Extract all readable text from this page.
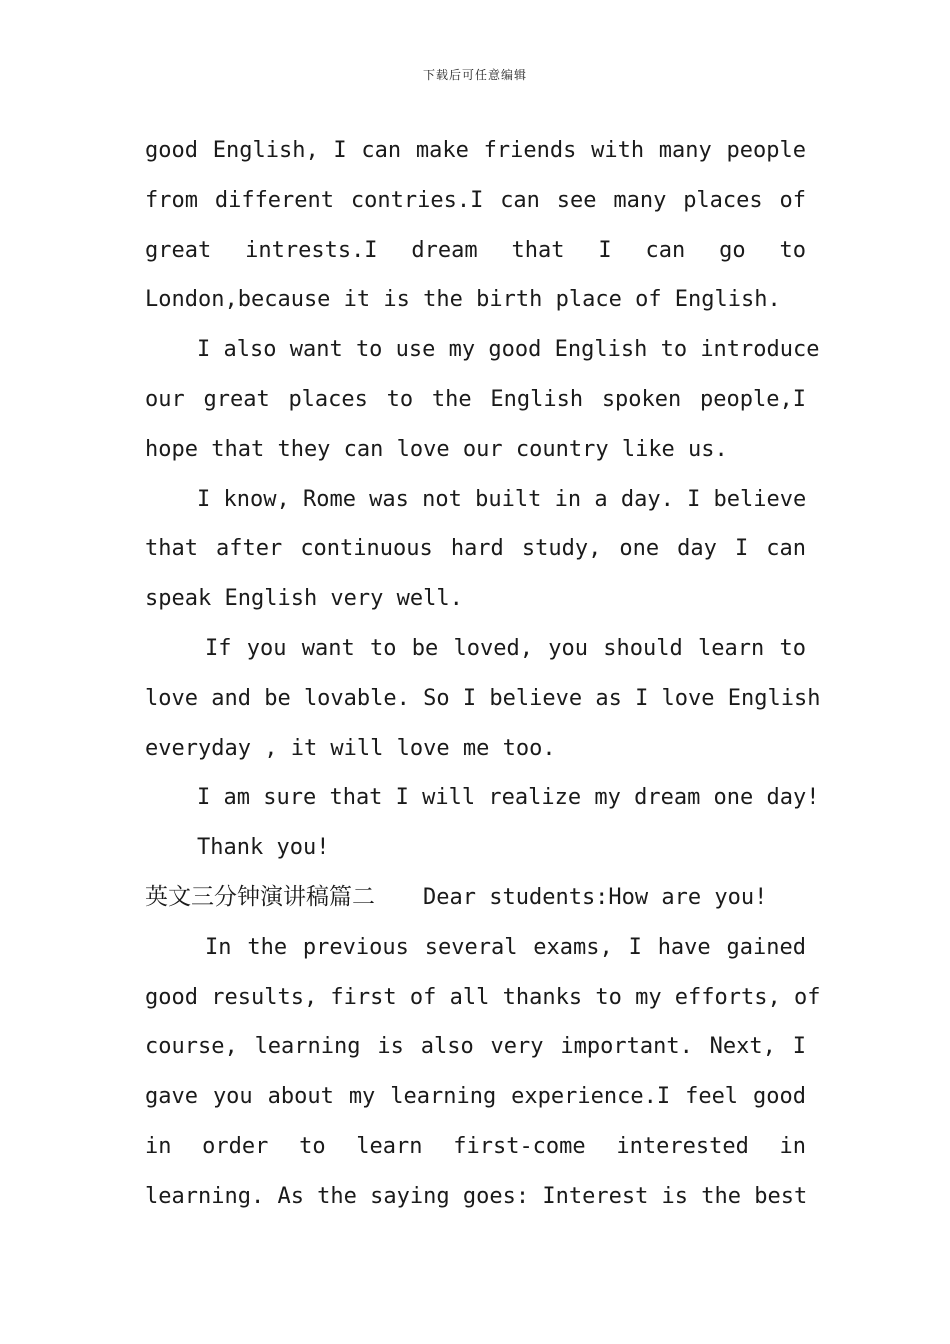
下载后可任意编辑
good English, I can make friends with many people
from different contries.I can see many places of
great intrests.I dream that I can go to
London,because it is the birth place of English.
I also want to use my good English to introduce
our great places to the English spoken people,I
hope that they can love our country like us.
I know, Rome was not built in a day. I believe
that after continuous hard study, one day I can
speak English very well.
If you want to be loved, you should learn to
love and be lovable. So I believe as I love English
everyday , it will love me too.
I am sure that I will realize my dream one day!
Thank you!
英文三分钟演讲稿篇二 Dear students:How are you!
In the previous several exams, I have gained
good results, first of all thanks to my efforts, of
course, learning is also very important. Next, I
gave you about my learning experience.I feel good
in order to learn first-come interested in
learning. As the saying goes: Interest is the best
